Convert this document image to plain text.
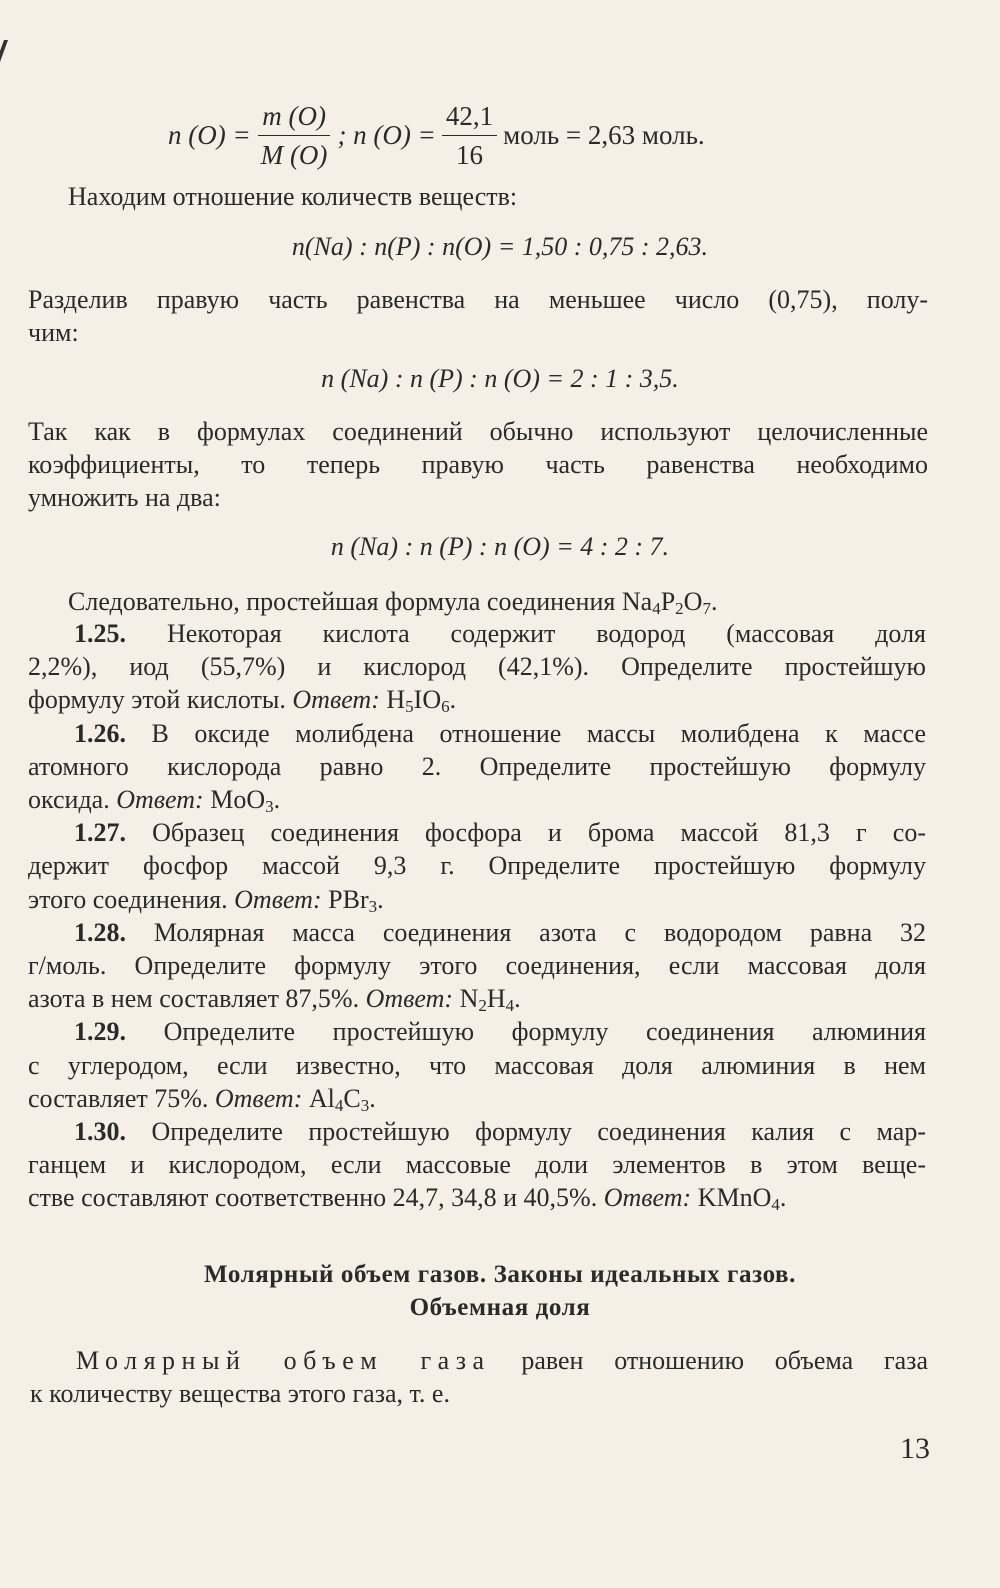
n $(O) = \frac{m (O)}{M (O)}$ ; n $(O) = \frac{42,1}{16}$ моль = 2,63 моль.
Находим отношение количеств веществ:
n(Na) : n(P) : n(O) = 1,50 : 0,75 : 2,63.
Разделив правую часть равенства на меньшее число (0,75), полу-
чим:
n (Na) : n (P) : n (O) = 2 : 1 : 3,5.
Так как в формулах соединений обычно используют целочисленные
коэффициенты, то теперь правую часть равенства необходимо
умножить на два:
n (Na) : n (P) : n (O) = 4 : 2 : 7.
Следовательно, простейшая формула соединения $Na_4P_2O_7$.
1.25. Некоторая кислота содержит водород (массовая доля
2,2%), иод (55,7%) и кислород (42,1%). Определите простейшую
формулу этой кислоты. Ответ: $H_5IO_6$.
1.26. В оксиде молибдена отношение массы молибдена к массе
атомного кислорода равно 2. Определите простейшую формулу
оксида. Ответ: MoO$_3$.
1.27. Образец соединения фосфора и брома массой 81,3 г со-
держит фосфор массой 9,3 г. Определите простейшую формулу
этого соединения. Ответ: PBr$_3$.
1.28. Молярная масса соединения азота с водородом равна 32
г/моль. Определите формулу этого соединения, если массовая доля
азота в нем составляет 87,5%. Ответ: $N_2H_4$.
1.29. Определите простейшую формулу соединения алюминия
с углеродом, если известно, что массовая доля алюминия в нем
составляет 75%. Ответ: $Al_4C_3$.
1.30. Определите простейшую формулу соединения калия с мар-
ганцем и кислородом, если массовые доли элементов в этом веще-
стве составляют соответственно 24,7, 34,8 и 40,5%. Ответ: KMnO$_4$.
Молярный объем газов. Законы идеальных газов.
Объемная доля
Молярный объем газа равен отношению объема газа
к количеству вещества этого газа, т. е.
13
